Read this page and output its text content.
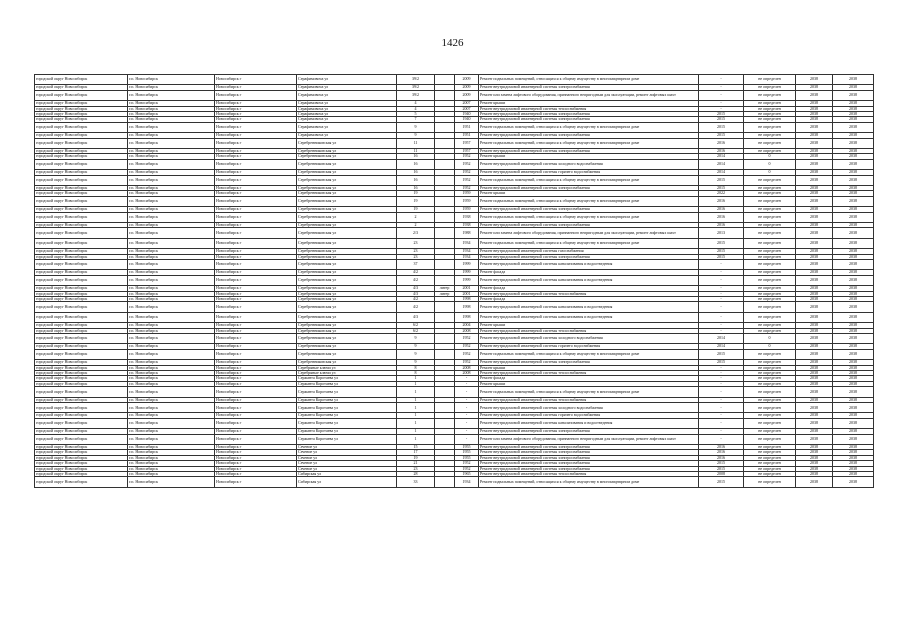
1426
городской округ Новосибирск	г.п. Новосибирск	Новосибирск г	Серафимовича ул	39/2		2009	Ремонт подвальных помещений, относящихся к общему имуществу в многоквартирном доме	-	не определен	2038	2038
городской округ Новосибирск	г.п. Новосибирск	Новосибирск г	Серафимовича ул	39/2		2009	Ремонт внутридомовой инженерной системы электроснабжения	-	не определен	2038	2038
городской округ Новосибирск	г.п. Новосибирск	Новосибирск г	Серафимовича ул	39/2		2009	Ремонт или замена лифтового оборудования, признанного непригодным для эксплуатации, ремонт лифтовых шахт	-	не определен	2038	2038
городской округ Новосибирск	г.п. Новосибирск	Новосибирск г	Серафимовича ул	4		2007	Ремонт крыши	-	не определен	2038	2038
городской округ Новосибирск	г.п. Новосибирск	Новосибирск г	Серафимовича ул	4		2007	Ремонт внутридомовой инженерной системы теплоснабжения	-	не определен	2038	2038
городской округ Новосибирск	г.п. Новосибирск	Новосибирск г	Серафимовича ул	5		1940	Ремонт внутридомовой инженерной системы электроснабжения	2015	не определен	2038	2038
городской округ Новосибирск	г.п. Новосибирск	Новосибирск г	Серафимовича ул	7		1940	Ремонт внутридомовой инженерной системы электроснабжения	2015	не определен	2038	2038
городской округ Новосибирск	г.п. Новосибирск	Новосибирск г	Серафимовича ул	9		1951	Ремонт подвальных помещений, относящихся к общему имуществу в многоквартирном доме	2015	не определен	2038	2038
городской округ Новосибирск	г.п. Новосибирск	Новосибирск г	Серафимовича ул	9		1951	Ремонт внутридомовой инженерной системы электроснабжения	2015	не определен	2038	2038
городской округ Новосибирск	г.п. Новосибирск	Новосибирск г	Серебренниковская ул	11		1957	Ремонт подвальных помещений, относящихся к общему имуществу в многоквартирном доме	2016	не определен	2038	2038
городской округ Новосибирск	г.п. Новосибирск	Новосибирск г	Серебренниковская ул	11		1957	Ремонт внутридомовой инженерной системы электроснабжения	2016	не определен	2038	2038
городской округ Новосибирск	г.п. Новосибирск	Новосибирск г	Серебренниковская ул	16		1952	Ремонт крыши	2014	0	2038	2038
городской округ Новосибирск	г.п. Новосибирск	Новосибирск г	Серебренниковская ул	16		1952	Ремонт внутридомовой инженерной системы холодного водоснабжения	2014	0	2038	2038
городской округ Новосибирск	г.п. Новосибирск	Новосибирск г	Серебренниковская ул	16		1952	Ремонт внутридомовой инженерной системы горячего водоснабжения	2014	0	2038	2038
городской округ Новосибирск	г.п. Новосибирск	Новосибирск г	Серебренниковская ул	16		1952	Ремонт подвальных помещений, относящихся к общему имуществу в многоквартирном доме	2015	не определен	2038	2038
городской округ Новосибирск	г.п. Новосибирск	Новосибирск г	Серебренниковская ул	16		1952	Ремонт внутридомовой инженерной системы электроснабжения	2015	не определен	2038	2038
городской округ Новосибирск	г.п. Новосибирск	Новосибирск г	Серебренниковская ул	19		1959	Ремонт крыши	2022	не определен	2038	2038
городской округ Новосибирск	г.п. Новосибирск	Новосибирск г	Серебренниковская ул	19		1959	Ремонт подвальных помещений, относящихся к общему имуществу в многоквартирном доме	2016	не определен	2038	2038
городской округ Новосибирск	г.п. Новосибирск	Новосибирск г	Серебренниковская ул	19		1959	Ремонт внутридомовой инженерной системы электроснабжения	2016	не определен	2038	2038
городской округ Новосибирск	г.п. Новосибирск	Новосибирск г	Серебренниковская ул	2		1938	Ремонт подвальных помещений, относящихся к общему имуществу в многоквартирном доме	2016	не определен	2038	2038
городской округ Новосибирск	г.п. Новосибирск	Новосибирск г	Серебренниковская ул	2		1938	Ремонт внутридомовой инженерной системы электроснабжения	2016	не определен	2038	2038
городской округ Новосибирск	г.п. Новосибирск	Новосибирск г	Серебренниковская ул	2/3		1988	Ремонт или замена лифтового оборудования, признанного непригодным для эксплуатации, ремонт лифтовых шахт	2013	не определен	2038	2038
городской округ Новосибирск	г.п. Новосибирск	Новосибирск г	Серебренниковская ул	23		1934	Ремонт подвальных помещений, относящихся к общему имуществу в многоквартирном доме	2015	не определен	2038	2038
городской округ Новосибирск	г.п. Новосибирск	Новосибирск г	Серебренниковская ул	23		1934	Ремонт внутридомовой инженерной системы газоснабжения	2015	не определен	2038	2038
городской округ Новосибирск	г.п. Новосибирск	Новосибирск г	Серебренниковская ул	23		1934	Ремонт внутридомовой инженерной системы электроснабжения	2015	не определен	2038	2038
городской округ Новосибирск	г.п. Новосибирск	Новосибирск г	Серебренниковская ул	37		1999	Ремонт внутридомовой инженерной системы канализования и водоотведения	-	не определен	2038	2038
городской округ Новосибирск	г.п. Новосибирск	Новосибирск г	Серебренниковская ул	4/2		1999	Ремонт фасада	-	не определен	2038	2038
городской округ Новосибирск	г.п. Новосибирск	Новосибирск г	Серебренниковская ул	4/2		1999	Ремонт внутридомовой инженерной системы канализования и водоотведения	-	не определен	2038	2038
городской округ Новосибирск	г.п. Новосибирск	Новосибирск г	Серебренниковская ул	4/3	литер	2001	Ремонт фасада	-	не определен	2038	2038
городской округ Новосибирск	г.п. Новосибирск	Новосибирск г	Серебренниковская ул	4/3	литер	2001	Ремонт внутридомовой инженерной системы теплоснабжения	-	не определен	2038	2038
городской округ Новосибирск	г.п. Новосибирск	Новосибирск г	Серебренниковская ул	4/2		1998	Ремонт фасада	-	не определен	2038	2038
городской округ Новосибирск	г.п. Новосибирск	Новосибирск г	Серебренниковская ул	4/2		1998	Ремонт внутридомовой инженерной системы канализования и водоотведения	-	не определен	2038	2038
городской округ Новосибирск	г.п. Новосибирск	Новосибирск г	Серебренниковская ул	4/3		1998	Ремонт внутридомовой инженерной системы канализования и водоотведения	-	не определен	2038	2038
городской округ Новосибирск	г.п. Новосибирск	Новосибирск г	Серебренниковская ул	6/2		2004	Ремонт крыши	-	не определен	2038	2038
городской округ Новосибирск	г.п. Новосибирск	Новосибирск г	Серебренниковская ул	6/2		2008	Ремонт внутридомовой инженерной системы теплоснабжения	-	не определен	2038	2038
городской округ Новосибирск	г.п. Новосибирск	Новосибирск г	Серебренниковская ул	9		1952	Ремонт внутридомовой инженерной системы холодного водоснабжения	2014	0	2038	2038
городской округ Новосибирск	г.п. Новосибирск	Новосибирск г	Серебренниковская ул	9		1952	Ремонт внутридомовой инженерной системы горячего водоснабжения	2014	0	2038	2038
городской округ Новосибирск	г.п. Новосибирск	Новосибирск г	Серебренниковская ул	9		1952	Ремонт подвальных помещений, относящихся к общему имуществу в многоквартирном доме	2015	не определен	2038	2038
городской округ Новосибирск	г.п. Новосибирск	Новосибирск г	Серебренниковская ул	9		1952	Ремонт внутридомовой инженерной системы электроснабжения	2015	не определен	2038	2038
городской округ Новосибирск	г.п. Новосибирск	Новосибирск г	Серебряные ключи ул	8		2008	Ремонт крыши	-	не определен	2038	2038
городской округ Новосибирск	г.п. Новосибирск	Новосибирск г	Серебряные ключи ул	8		2008	Ремонт внутридомовой инженерной системы теплоснабжения	-	не определен	2038	2038
городской округ Новосибирск	г.п. Новосибирск	Новосибирск г	Сержанта Коротаева ул	1		-	Ремонт фасада	-	не определен	2038	2038
городской округ Новосибирск	г.п. Новосибирск	Новосибирск г	Сержанта Коротаева ул	1		-	Ремонт крыши	-	не определен	2038	2038
городской округ Новосибирск	г.п. Новосибирск	Новосибирск г	Сержанта Коротаева ул	1		-	Ремонт подвальных помещений, относящихся к общему имуществу в многоквартирном доме	-	не определен	2038	2038
городской округ Новосибирск	г.п. Новосибирск	Новосибирск г	Сержанта Коротаева ул	1		-	Ремонт внутридомовой инженерной системы теплоснабжения	-	не определен	2038	2038
городской округ Новосибирск	г.п. Новосибирск	Новосибирск г	Сержанта Коротаева ул	1		-	Ремонт внутридомовой инженерной системы холодного водоснабжения	-	не определен	2038	2038
городской округ Новосибирск	г.п. Новосибирск	Новосибирск г	Сержанта Коротаева ул	1		-	Ремонт внутридомовой инженерной системы горячего водоснабжения	-	не определен	2038	2038
городской округ Новосибирск	г.п. Новосибирск	Новосибирск г	Сержанта Коротаева ул	1		-	Ремонт внутридомовой инженерной системы канализования и водоотведения	-	не определен	2038	2038
городской округ Новосибирск	г.п. Новосибирск	Новосибирск г	Сержанта Коротаева ул	1		-	Ремонт внутридомовой инженерной системы электроснабжения	-	не определен	2038	2038
городской округ Новосибирск	г.п. Новосибирск	Новосибирск г	Сержанта Коротаева ул	1		-	Ремонт или замена лифтового оборудования, признанного непригодным для эксплуатации, ремонт лифтовых шахт	-	не определен	2038	2038
городской округ Новосибирск	г.п. Новосибирск	Новосибирск г	Сечение ул	15		1955	Ремонт внутридомовой инженерной системы электроснабжения	2016	не определен	2038	2038
городской округ Новосибирск	г.п. Новосибирск	Новосибирск г	Сечение ул	17		1955	Ремонт внутридомовой инженерной системы электроснабжения	2016	не определен	2038	2038
городской округ Новосибирск	г.п. Новосибирск	Новосибирск г	Сечение ул	19		1955	Ремонт внутридомовой инженерной системы электроснабжения	2016	не определен	2038	2038
городской округ Новосибирск	г.п. Новосибирск	Новосибирск г	Сечение ул	21		1952	Ремонт внутридомовой инженерной системы электроснабжения	2015	не определен	2038	2038
городской округ Новосибирск	г.п. Новосибирск	Новосибирск г	Сечение ул	23		1952	Ремонт внутридомовой инженерной системы электроснабжения	2015	не определен	2038	2038
городской округ Новосибирск	г.п. Новосибирск	Новосибирск г	Сибирская ул	28		1965	Ремонт внутридомовой инженерной системы теплоснабжения	2008	не определен	2038	2038
городской округ Новосибирск	г.п. Новосибирск	Новосибирск г	Сибирская ул	33		1934	Ремонт подвальных помещений, относящихся к общему имуществу в многоквартирном доме	2015	не определен	2038	2038
